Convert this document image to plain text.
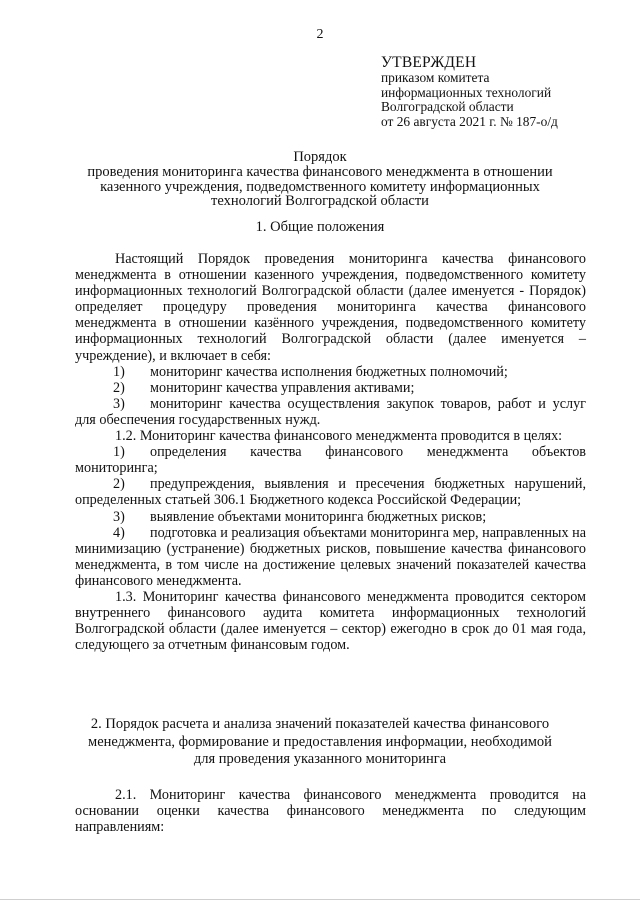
2
УТВЕРЖДЕН
приказом комитета
информационных технологий
Волгоградской области
от 26 августа 2021 г. № 187-о/д
Порядок
проведения мониторинга качества финансового менеджмента в отношении
казенного учреждения, подведомственного комитету информационных
технологий Волгоградской области
1. Общие положения

Настоящий Порядок проведения мониторинга качества финансового менеджмента в отношении казенного учреждения, подведомственного комитету информационных технологий Волгоградской области (далее именуется - Порядок) определяет процедуру проведения мониторинга качества финансового менеджмента в отношении казённого учреждения, подведомственного комитету информационных технологий Волгоградской области (далее именуется – учреждение), и включает в себя:

1) мониторинг качества исполнения бюджетных полномочий;

2) мониторинг качества управления активами;

3) мониторинг качества осуществления закупок товаров, работ и услуг для обеспечения государственных нужд.

1.2. Мониторинг качества финансового менеджмента проводится в целях:

1) определения качества финансового менеджмента объектов мониторинга;

2) предупреждения, выявления и пресечения бюджетных нарушений, определенных статьей 306.1 Бюджетного кодекса Российской Федерации;

3) выявление объектами мониторинга бюджетных рисков;

4) подготовка и реализация объектами мониторинга мер, направленных на минимизацию (устранение) бюджетных рисков, повышение качества финансового менеджмента, в том числе на достижение целевых значений показателей качества финансового менеджмента.

1.3. Мониторинг качества финансового менеджмента проводится сектором внутреннего финансового аудита комитета информационных технологий Волгоградской области (далее именуется – сектор) ежегодно в срок до 01 мая года, следующего за отчетным финансовым годом.

2. Порядок расчета и анализа значений показателей качества финансового
менеджмента, формирование и предоставления информации, необходимой
для проведения указанного мониторинга

2.1. Мониторинг качества финансового менеджмента проводится на основании оценки качества финансового менеджмента по следующим направлениям:
